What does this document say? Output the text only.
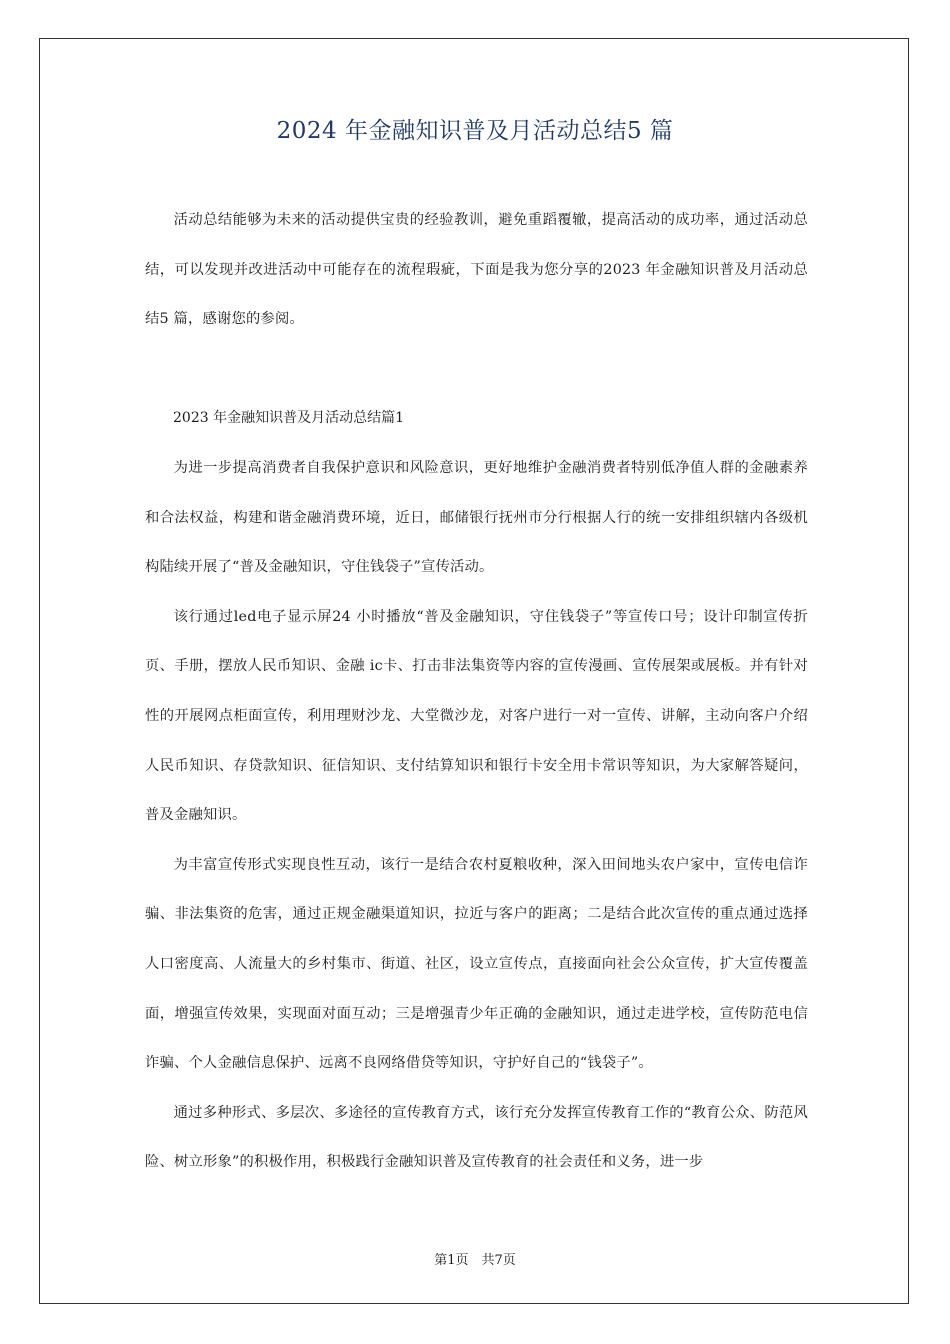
2024 年金融知识普及月活动总结5 篇

活动总结能够为未来的活动提供宝贵的经验教训，避免重蹈覆辙，提高活动的成功率，通过活动总结，可以发现并改进活动中可能存在的流程瑕疵，下面是我为您分享的2023 年金融知识普及月活动总结5 篇，感谢您的参阅。

2023 年金融知识普及月活动总结篇1

为进一步提高消费者自我保护意识和风险意识，更好地维护金融消费者特别低净值人群的金融素养和合法权益，构建和谐金融消费环境，近日，邮储银行抚州市分行根据人行的统一安排组织辖内各级机构陆续开展了“普及金融知识，守住钱袋子”宣传活动。

该行通过led电子显示屏24 小时播放“普及金融知识，守住钱袋子”等宣传口号；设计印制宣传折页、手册，摆放人民币知识、金融 ic卡、打击非法集资等内容的宣传漫画、宣传展架或展板。并有针对性的开展网点柜面宣传，利用理财沙龙、大堂微沙龙，对客户进行一对一宣传、讲解，主动向客户介绍人民币知识、存贷款知识、征信知识、支付结算知识和银行卡安全用卡常识等知识，为大家解答疑问，普及金融知识。

为丰富宣传形式实现良性互动，该行一是结合农村夏粮收种，深入田间地头农户家中，宣传电信诈骗、非法集资的危害，通过正规金融渠道知识，拉近与客户的距离；二是结合此次宣传的重点通过选择人口密度高、人流量大的乡村集市、街道、社区，设立宣传点，直接面向社会公众宣传，扩大宣传覆盖面，增强宣传效果，实现面对面互动；三是增强青少年正确的金融知识，通过走进学校，宣传防范电信诈骗、个人金融信息保护、远离不良网络借贷等知识，守护好自己的“钱袋子”。

通过多种形式、多层次、多途径的宣传教育方式，该行充分发挥宣传教育工作的“教育公众、防范风险、树立形象”的积极作用，积极践行金融知识普及宣传教育的社会责任和义务，进一步

第1页　共7页
